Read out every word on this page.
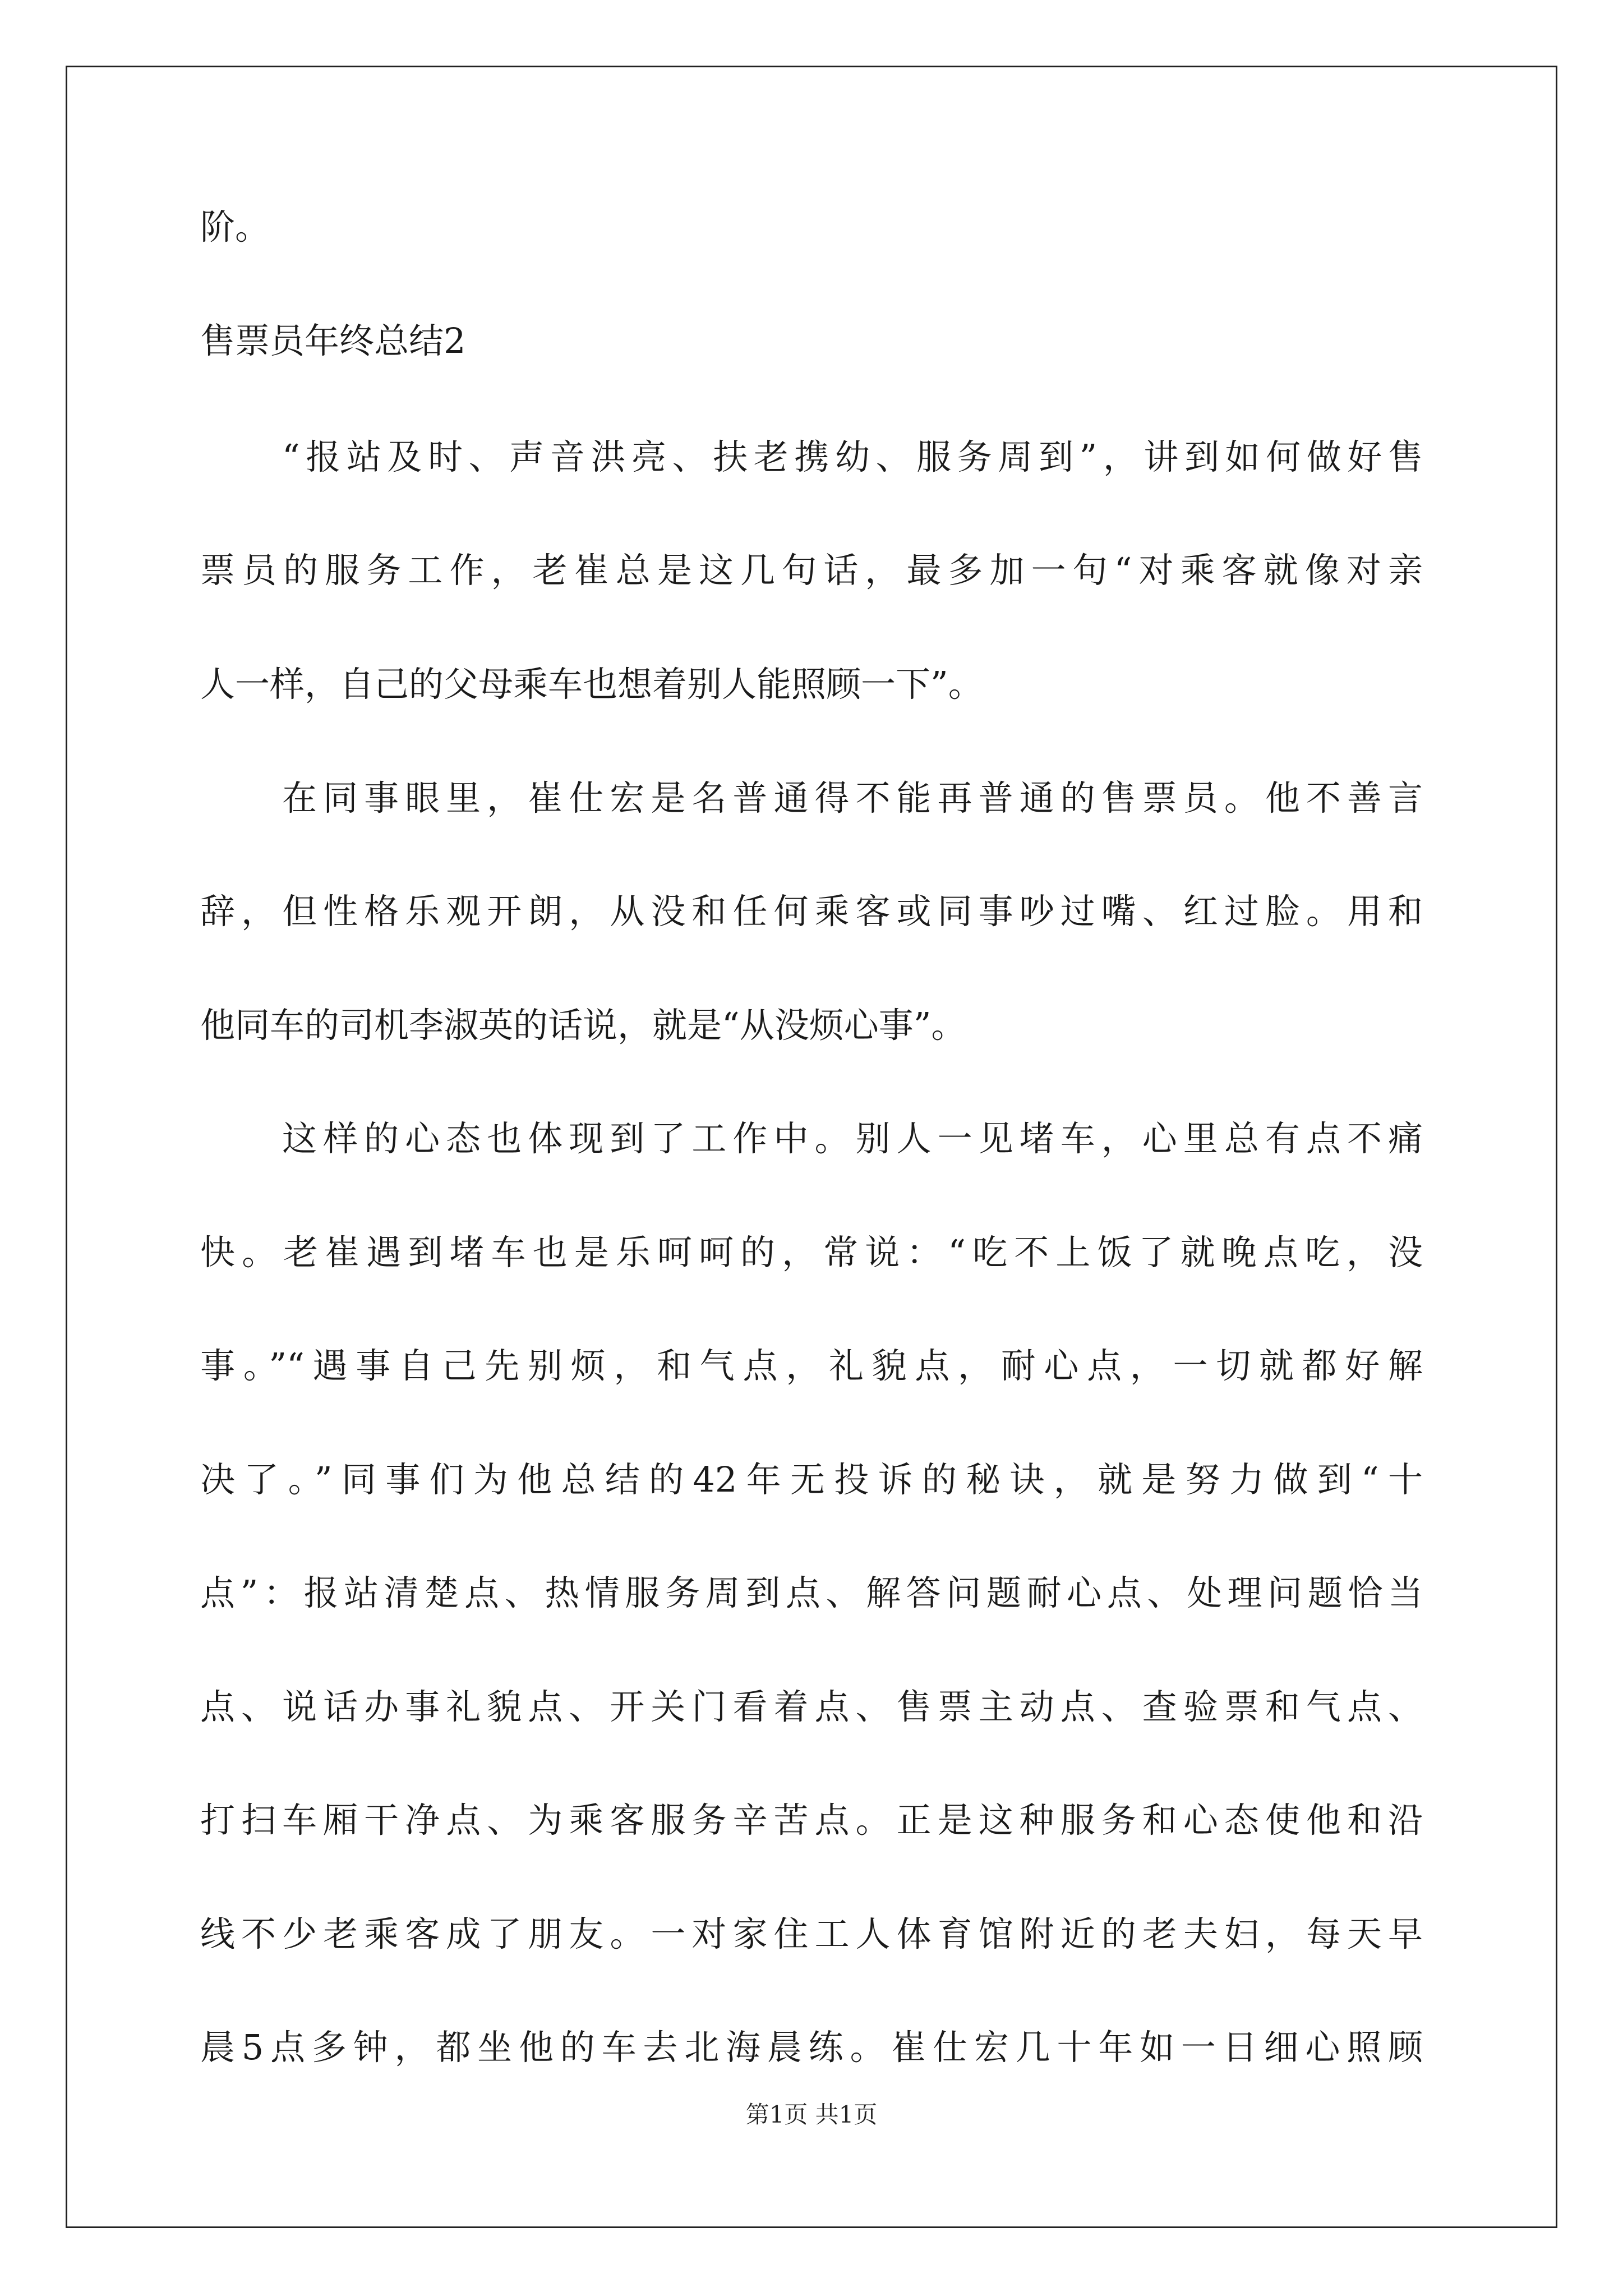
阶。
售票员年终总结2
“报站及时、声音洪亮、扶老携幼、服务周到”，讲到如何做好售
票员的服务工作，老崔总是这几句话，最多加一句“对乘客就像对亲
人一样，自己的父母乘车也想着别人能照顾一下”。
在同事眼里，崔仕宏是名普通得不能再普通的售票员。他不善言
辞，但性格乐观开朗，从没和任何乘客或同事吵过嘴、红过脸。用和
他同车的司机李淑英的话说，就是“从没烦心事”。
这样的心态也体现到了工作中。别人一见堵车，心里总有点不痛
快。老崔遇到堵车也是乐呵呵的，常说：“吃不上饭了就晚点吃，没
事。”“遇事自己先别烦，和气点，礼貌点，耐心点，一切就都好解
决了。”同事们为他总结的42年无投诉的秘诀，就是努力做到“十
点”：报站清楚点、热情服务周到点、解答问题耐心点、处理问题恰当
点、说话办事礼貌点、开关门看着点、售票主动点、查验票和气点、
打扫车厢干净点、为乘客服务辛苦点。正是这种服务和心态使他和沿
线不少老乘客成了朋友。一对家住工人体育馆附近的老夫妇，每天早
晨5点多钟，都坐他的车去北海晨练。崔仕宏几十年如一日细心照顾
第1页 共1页
